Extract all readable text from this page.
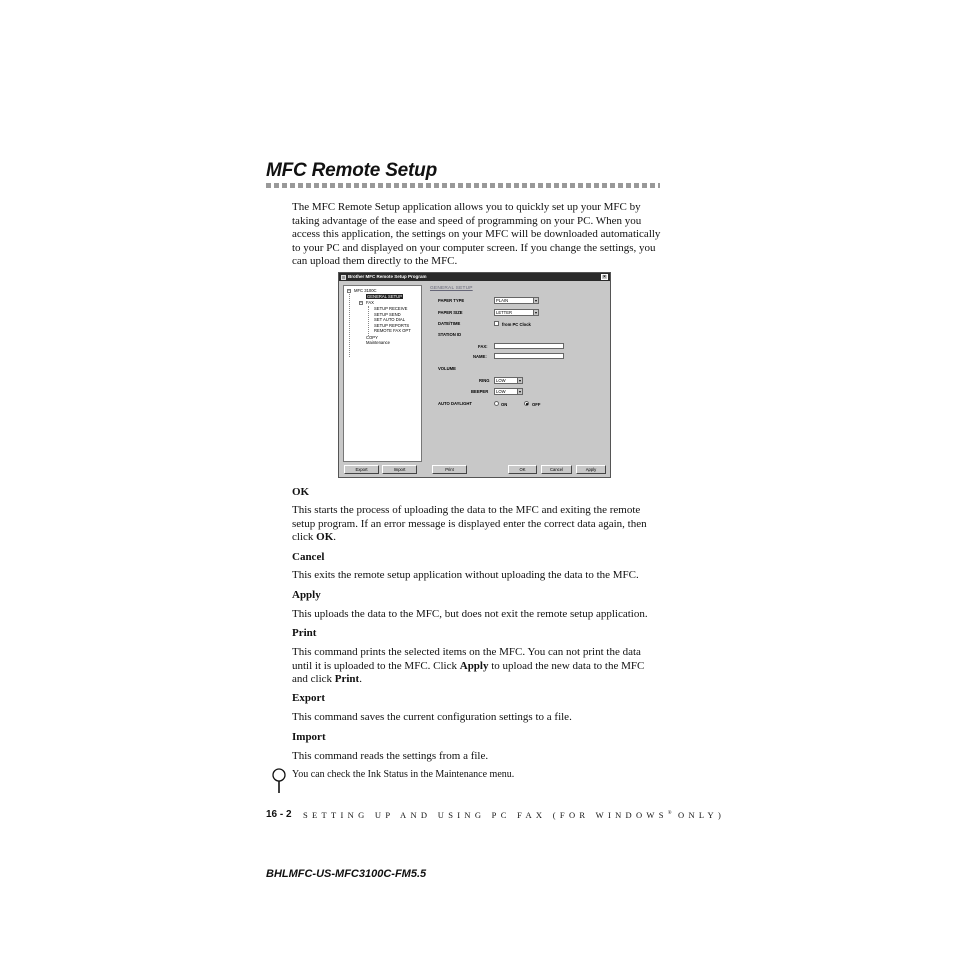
MFC Remote Setup

The MFC Remote Setup application allows you to quickly set up your MFC by taking advantage of the ease and speed of programming on your PC. When you access this application, the settings on your MFC will be downloaded automatically to your PC and displayed on your computer screen. If you change the settings, you can upload them directly to the MFC.

Brother MFC Remote Setup Program	×
− MFC 3100C
GENERAL SETUP
− FAX
SETUP RECEIVE
SETUP SEND
SET AUTO DIAL
SETUP REPORTS
REMOTE FAX OPT
COPY
Maintenance
GENERAL SETUP
PAPER TYPE	PLAIN	▾
PAPER SIZE	LETTER	▾
DATE/TIME	from PC Clock
STATION ID
FAX:
NAME:
VOLUME
RING	LOW	▾
BEEPER	LOW	▾
AUTO DAYLIGHT	ON	OFF
Export	Import	Print	OK	Cancel	Apply

OK

This starts the process of uploading the data to the MFC and exiting the remote setup program. If an error message is displayed enter the correct data again, then click OK.

Cancel

This exits the remote setup application without uploading the data to the MFC.

Apply

This uploads the data to the MFC, but does not exit the remote setup application.

Print

This command prints the selected items on the MFC. You can not print the data until it is uploaded to the MFC. Click Apply to upload the new data to the MFC and click Print.

Export

This command saves the current configuration settings to a file.

Import

This command reads the settings from a file.

You can check the Ink Status in the Maintenance menu.

16 - 2 SETTING UP AND USING PC FAX (FOR WINDOWS® ONLY)
BHLMFC-US-MFC3100C-FM5.5
